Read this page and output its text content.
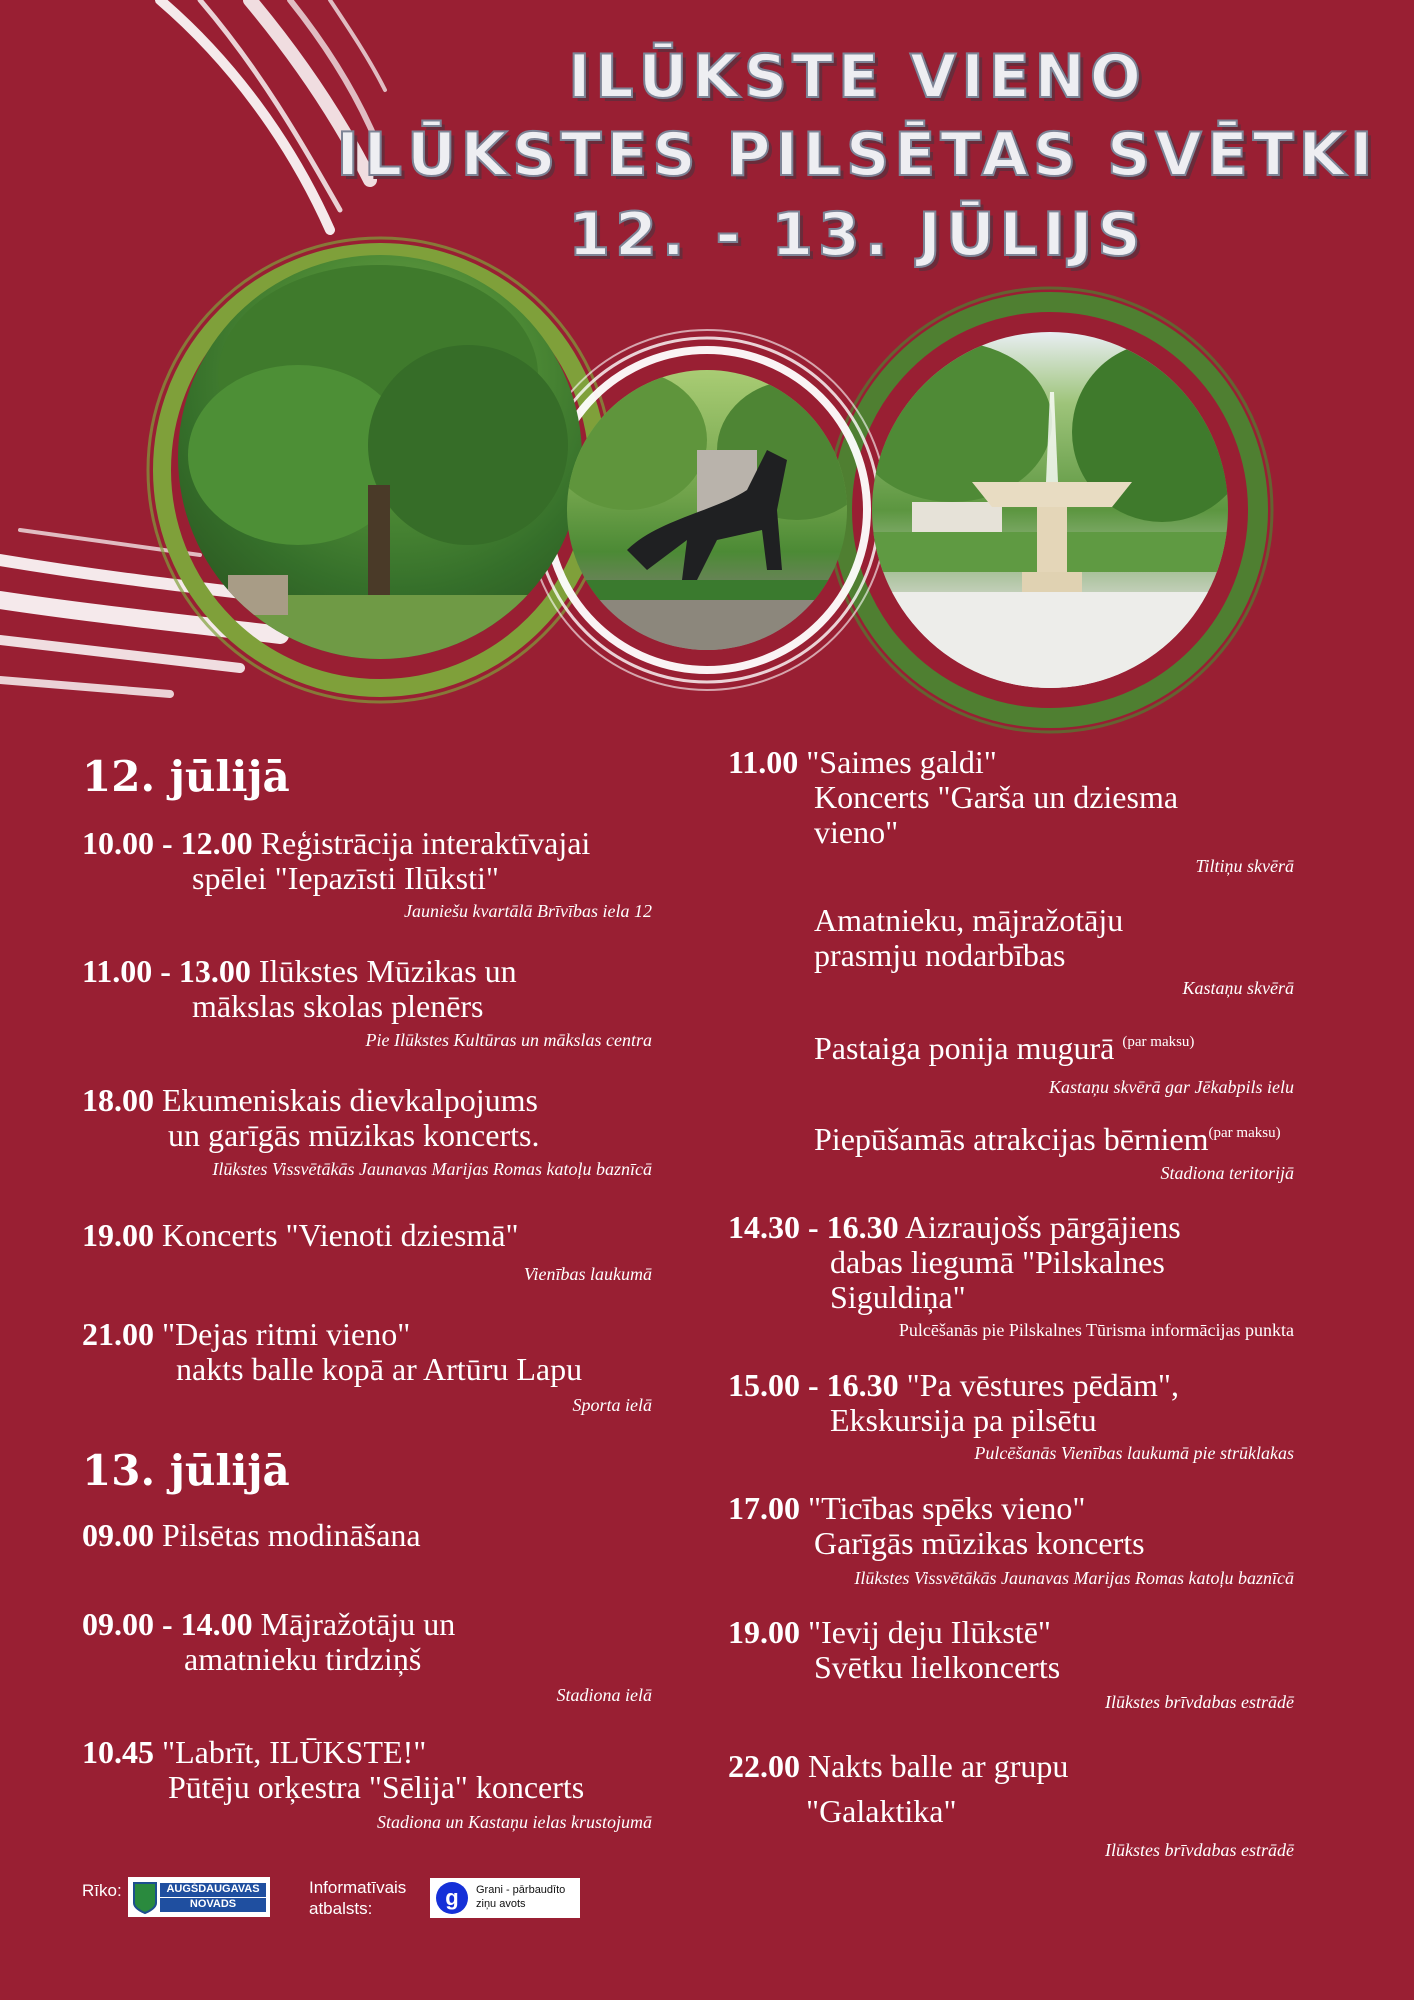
ILŪKSTE VIENO
ILŪKSTES PILSĒTAS SVĒTKI
12. - 13. JŪLIJS
12. jūlijā
10.00 - 12.00 Reģistrācija interaktīvajai
spēlei "Iepazīsti Ilūksti"
Jauniešu kvartālā Brīvības iela 12
11.00 - 13.00 Ilūkstes Mūzikas un
mākslas skolas plenērs
Pie Ilūkstes Kultūras un mākslas centra
18.00 Ekumeniskais dievkalpojums
un garīgās mūzikas koncerts.
Ilūkstes Vissvētākās Jaunavas Marijas Romas katoļu baznīcā
19.00 Koncerts "Vienoti dziesmā"
Vienības laukumā
21.00 "Dejas ritmi vieno"
nakts balle kopā ar Artūru Lapu
Sporta ielā
13. jūlijā
09.00 Pilsētas modināšana
09.00 - 14.00 Mājražotāju un
amatnieku tirdziņš
Stadiona ielā
10.45 "Labrīt, ILŪKSTE!"
Pūtēju orķestra "Sēlija" koncerts
Stadiona un Kastaņu ielas krustojumā
11.00 "Saimes galdi"
Koncerts "Garša un dziesma
vieno"
Tiltiņu skvērā
Amatnieku, mājražotāju
prasmju nodarbības
Kastaņu skvērā
Pastaiga ponija mugurā $^{(par maksu)}$
Kastaņu skvērā gar Jēkabpils ielu
Piepūšamās atrakcijas bērniem$^{(par maksu)}$
Stadiona teritorijā
14.30 - 16.30 Aizraujošs pārgājiens
dabas liegumā "Pilskalnes
Siguldiņa"
Pulcēšanās pie Pilskalnes Tūrisma informācijas punkta
15.00 - 16.30 "Pa vēstures pēdām",
Ekskursija pa pilsētu
Pulcēšanās Vienības laukumā pie strūklakas
17.00 "Ticības spēks vieno"
Garīgās mūzikas koncerts
Ilūkstes Vissvētākās Jaunavas Marijas Romas katoļu baznīcā
19.00 "Ievij deju Ilūkstē"
Svētku lielkoncerts
Ilūkstes brīvdabas estrādē
22.00 Nakts balle ar grupu
"Galaktika"
Ilūkstes brīvdabas estrādē
Rīko:	AUGŠDAUGAVAS NOVADS
Informatīvais atbalsts:	g Grani - pārbaudīto ziņu avots
